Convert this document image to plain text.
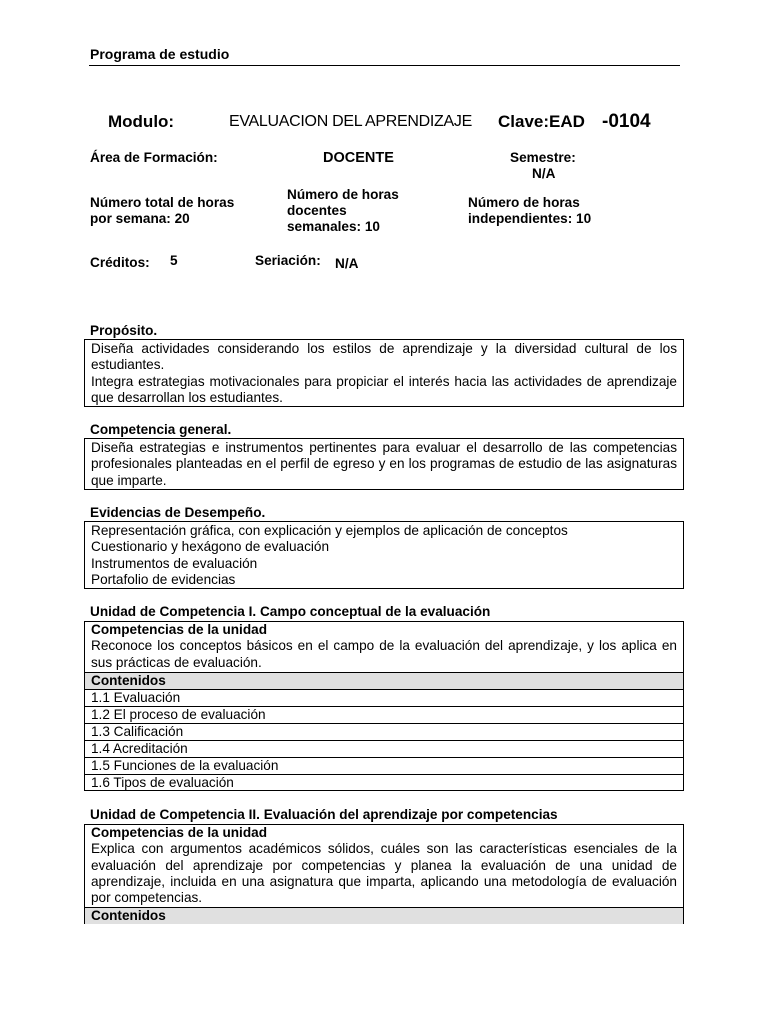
Programa de estudio
Modulo:	EVALUACION DEL APRENDIZAJE Clave:EAD -0104
Área de Formación:	DOCENTE	Semestre:
N/A
Número total de horas
por semana: 20
Número de horas
docentes
semanales: 10
Número de horas
independientes: 10
Créditos: 5	Seriación: N/A
Propósito.
Diseña actividades considerando los estilos de aprendizaje y la diversidad cultural de los estudiantes.
Integra estrategias motivacionales para propiciar el interés hacia las actividades de aprendizaje que desarrollan los estudiantes.
Competencia general.
Diseña estrategias e instrumentos pertinentes para evaluar el desarrollo de las competencias profesionales planteadas en el perfil de egreso y en los programas de estudio de las asignaturas que imparte.
Evidencias de Desempeño.
Representación gráfica, con explicación y ejemplos de aplicación de conceptos
Cuestionario y hexágono de evaluación
Instrumentos de evaluación
Portafolio de evidencias
Unidad de Competencia I. Campo conceptual de la evaluación
Competencias de la unidad
Reconoce los conceptos básicos en el campo de la evaluación del aprendizaje, y los aplica en sus prácticas de evaluación.
Contenidos
1.1 Evaluación
1.2 El proceso de evaluación
1.3 Calificación
1.4 Acreditación
1.5 Funciones de la evaluación
1.6 Tipos de evaluación
Unidad de Competencia II. Evaluación del aprendizaje por competencias
Competencias de la unidad
Explica con argumentos académicos sólidos, cuáles son las características esenciales de la evaluación del aprendizaje por competencias y planea la evaluación de una unidad de aprendizaje, incluida en una asignatura que imparta, aplicando una metodología de evaluación por competencias.
Contenidos
